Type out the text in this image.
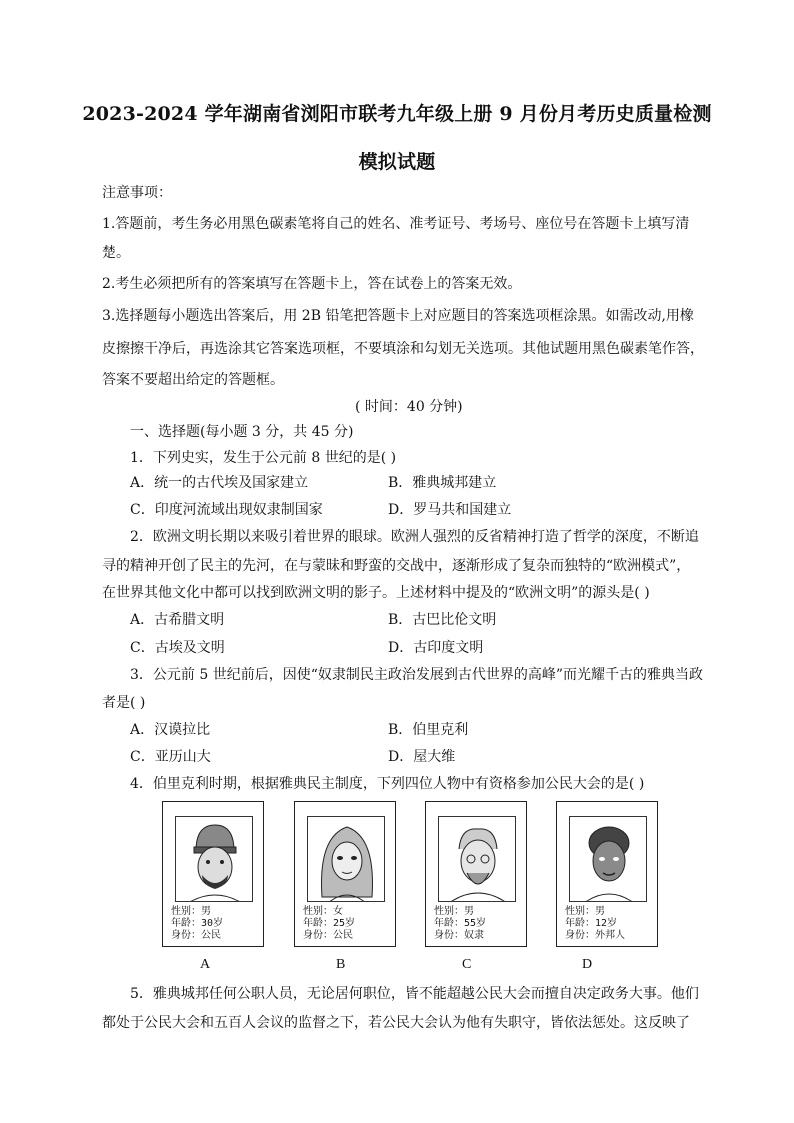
2023-2024 学年湖南省浏阳市联考九年级上册 9 月份月考历史质量检测
模拟试题
注意事项：
1.答题前，考生务必用黑色碳素笔将自己的姓名、准考证号、考场号、座位号在答题卡上填写清
楚。
2.考生必须把所有的答案填写在答题卡上，答在试卷上的答案无效。
3.选择题每小题选出答案后，用 2B 铅笔把答题卡上对应题目的答案选项框涂黑。如需改动,用橡
皮擦擦干净后，再选涂其它答案选项框，不要填涂和勾划无关选项。其他试题用黑色碳素笔作答，
答案不要超出给定的答题框。
( 时间：40 分钟)
一、选择题(每小题 3 分，共 45 分)
1．下列史实，发生于公元前 8 世纪的是( )
A．统一的古代埃及国家建立	B．雅典城邦建立
C．印度河流域出现奴隶制国家	D．罗马共和国建立
2．欧洲文明长期以来吸引着世界的眼球。欧洲人强烈的反省精神打造了哲学的深度，不断追
寻的精神开创了民主的先河，在与蒙昧和野蛮的交战中，逐渐形成了复杂而独特的“欧洲模式”，
在世界其他文化中都可以找到欧洲文明的影子。上述材料中提及的“欧洲文明”的源头是( )
A．古希腊文明	B．古巴比伦文明
C．古埃及文明	D．古印度文明
3．公元前 5 世纪前后，因使“奴隶制民主政治发展到古代世界的高峰”而光耀千古的雅典当政
者是( )
A．汉谟拉比	B．伯里克利
C．亚历山大	D．屋大维
4．伯里克利时期，根据雅典民主制度，下列四位人物中有资格参加公民大会的是( )
性别：男
年龄：30岁
身份：公民
性别：女
年龄：25岁
身份：公民
性别：男
年龄：55岁
身份：奴隶
性别：男
年龄：12岁
身份：外邦人
A	B	C	D
5．雅典城邦任何公职人员，无论居何职位，皆不能超越公民大会而擅自决定政务大事。他们
都处于公民大会和五百人会议的监督之下，若公民大会认为他有失职守，皆依法惩处。这反映了
